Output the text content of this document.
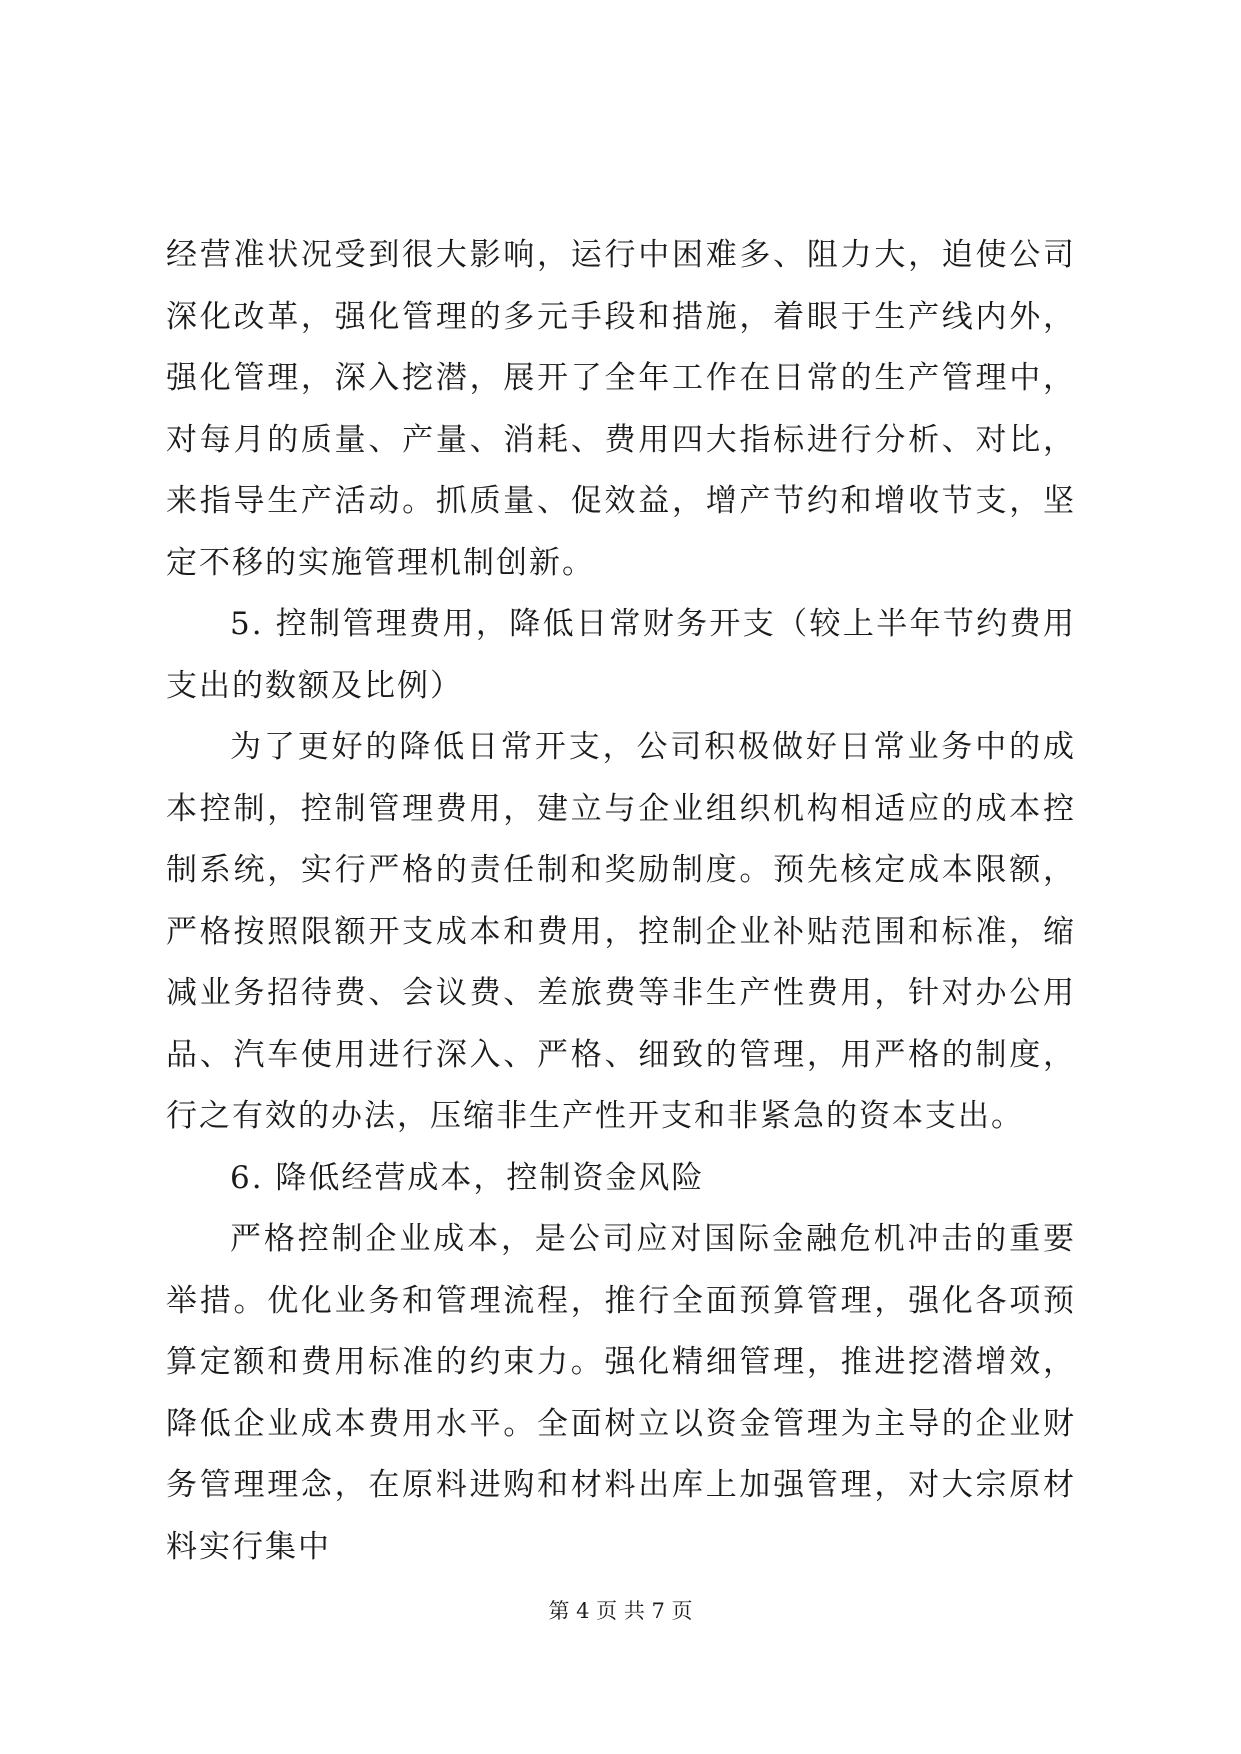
经营准状况受到很大影响，运行中困难多、阻力大，迫使公司深化改革，强化管理的多元手段和措施，着眼于生产线内外，强化管理，深入挖潜，展开了全年工作在日常的生产管理中，对每月的质量、产量、消耗、费用四大指标进行分析、对比，来指导生产活动。抓质量、促效益，增产节约和增收节支，坚定不移的实施管理机制创新。

5. 控制管理费用，降低日常财务开支（较上半年节约费用支出的数额及比例）

为了更好的降低日常开支，公司积极做好日常业务中的成本控制，控制管理费用，建立与企业组织机构相适应的成本控制系统，实行严格的责任制和奖励制度。预先核定成本限额，严格按照限额开支成本和费用，控制企业补贴范围和标准，缩减业务招待费、会议费、差旅费等非生产性费用，针对办公用品、汽车使用进行深入、严格、细致的管理，用严格的制度，行之有效的办法，压缩非生产性开支和非紧急的资本支出。

6. 降低经营成本，控制资金风险

严格控制企业成本，是公司应对国际金融危机冲击的重要举措。优化业务和管理流程，推行全面预算管理，强化各项预算定额和费用标准的约束力。强化精细管理，推进挖潜增效，降低企业成本费用水平。全面树立以资金管理为主导的企业财务管理理念，在原料进购和材料出库上加强管理，对大宗原材料实行集中

第 4 页 共 7 页
